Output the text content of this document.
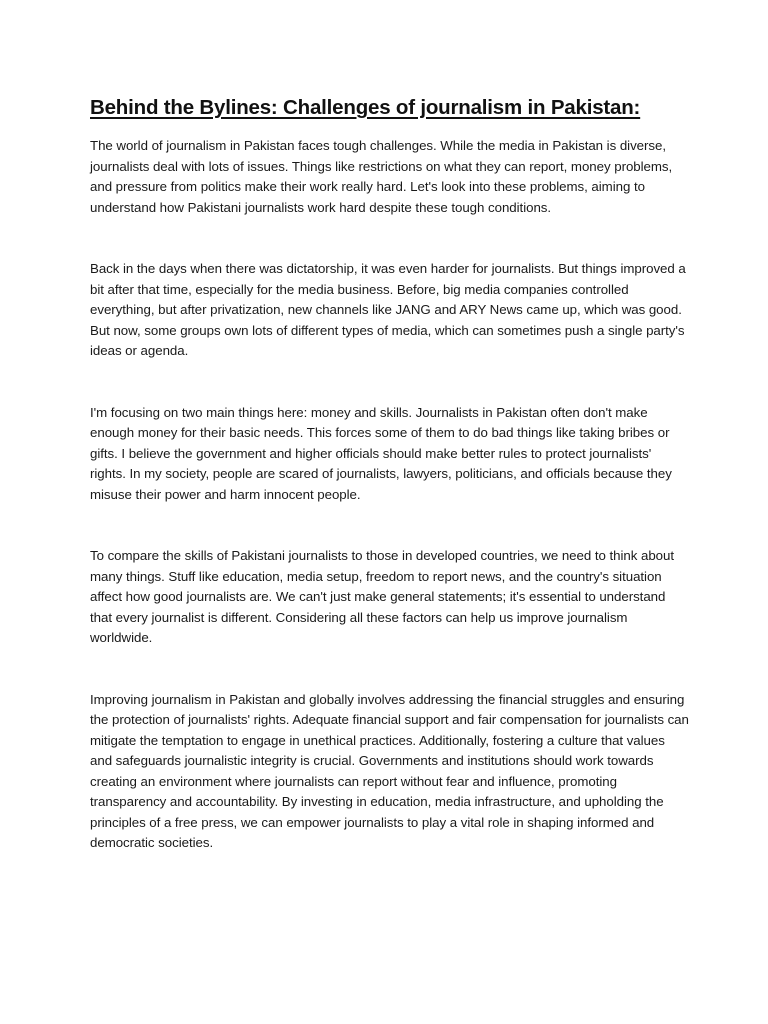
Behind the Bylines: Challenges of journalism in Pakistan:

The world of journalism in Pakistan faces tough challenges. While the media in Pakistan is diverse, journalists deal with lots of issues. Things like restrictions on what they can report, money problems, and pressure from politics make their work really hard. Let's look into these problems, aiming to understand how Pakistani journalists work hard despite these tough conditions.

Back in the days when there was dictatorship, it was even harder for journalists. But things improved a bit after that time, especially for the media business. Before, big media companies controlled everything, but after privatization, new channels like JANG and ARY News came up, which was good. But now, some groups own lots of different types of media, which can sometimes push a single party's ideas or agenda.

I'm focusing on two main things here: money and skills. Journalists in Pakistan often don't make enough money for their basic needs. This forces some of them to do bad things like taking bribes or gifts. I believe the government and higher officials should make better rules to protect journalists' rights. In my society, people are scared of journalists, lawyers, politicians, and officials because they misuse their power and harm innocent people.

To compare the skills of Pakistani journalists to those in developed countries, we need to think about many things. Stuff like education, media setup, freedom to report news, and the country's situation affect how good journalists are. We can't just make general statements; it's essential to understand that every journalist is different. Considering all these factors can help us improve journalism worldwide.

Improving journalism in Pakistan and globally involves addressing the financial struggles and ensuring the protection of journalists' rights. Adequate financial support and fair compensation for journalists can mitigate the temptation to engage in unethical practices. Additionally, fostering a culture that values and safeguards journalistic integrity is crucial. Governments and institutions should work towards creating an environment where journalists can report without fear and influence, promoting transparency and accountability. By investing in education, media infrastructure, and upholding the principles of a free press, we can empower journalists to play a vital role in shaping informed and democratic societies.
